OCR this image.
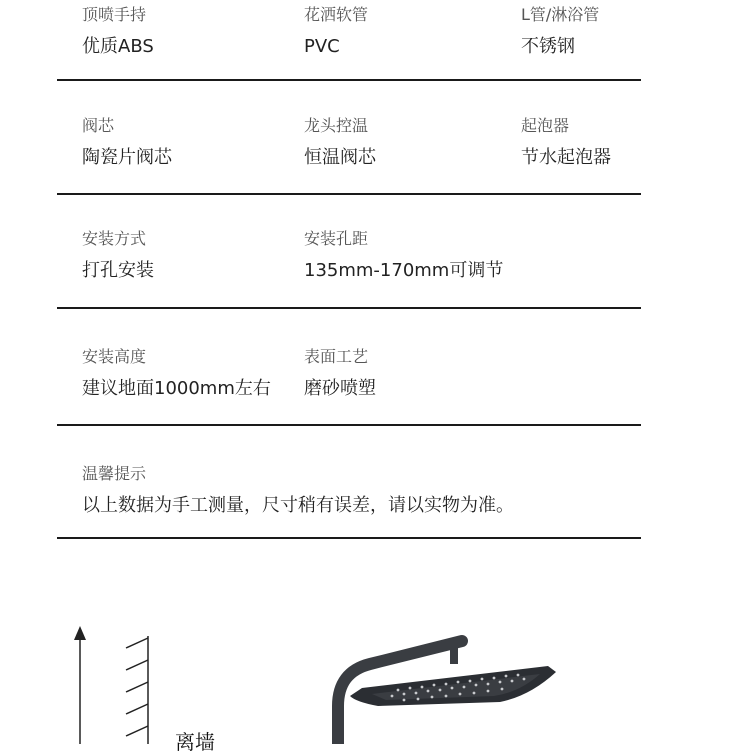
顶喷手持
优质ABS
花洒软管
PVC
L管/淋浴管
不锈钢
阀芯
陶瓷片阀芯
龙头控温
恒温阀芯
起泡器
节水起泡器
安装方式
打孔安装
安装孔距
135mm-170mm可调节
安装高度
建议地面1000mm左右
表面工艺
磨砂喷塑
温馨提示
以上数据为手工测量，尺寸稍有误差，请以实物为准。
离墙
